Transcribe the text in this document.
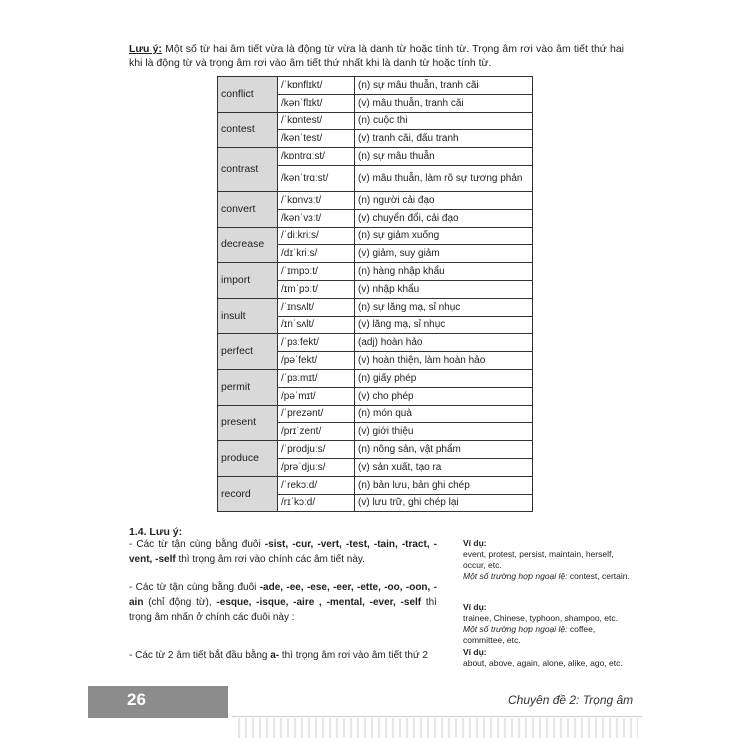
Lưu ý: Một số từ hai âm tiết vừa là động từ vừa là danh từ hoặc tính từ. Trọng âm rơi vào âm tiết thứ hai khi là động từ và trọng âm rơi vào âm tiết thứ nhất khi là danh từ hoặc tính từ.
conflict	/ˈkɒnflɪkt/	(n) sự mâu thuẫn, tranh cãi
	/kənˈflɪkt/	(v) mâu thuẫn, tranh cãi
contest	/ˈkɒntest/	(n) cuộc thi
	/kənˈtest/	(v) tranh cãi, đấu tranh
contrast	/kɒntrɑːst/	(n) sự mâu thuẫn
	/kənˈtrɑːst/	(v) mâu thuẫn, làm rõ sự tương phản
convert	/ˈkɒnvɜːt/	(n) người cải đạo
	/kənˈvɜːt/	(v) chuyển đổi, cải đạo
decrease	/ˈdiːkriːs/	(n) sự giảm xuống
	/dɪˈkriːs/	(v) giảm, suy giảm
import	/ˈɪmpɔːt/	(n) hàng nhập khẩu
	/ɪmˈpɔːt/	(v) nhập khẩu
insult	/ˈɪnsʌlt/	(n) sự lăng mạ, sỉ nhục
	/ɪnˈsʌlt/	(v) lăng mạ, sỉ nhục
perfect	/ˈpɜːfekt/	(adj) hoàn hảo
	/pəˈfekt/	(v) hoàn thiện, làm hoàn hảo
permit	/ˈpɜːmɪt/	(n) giấy phép
	/pəˈmɪt/	(v) cho phép
present	/ˈprezənt/	(n) món quà
	/prɪˈzent/	(v) giới thiệu
produce	/ˈprodjuːs/	(n) nông sản, vật phẩm
	/prəˈdjuːs/	(v) sản xuất, tạo ra
record	/ˈrekɔːd/	(n) bản lưu, bản ghi chép
	/rɪˈkɔːd/	(v) lưu trữ, ghi chép lại
1.4. Lưu ý:
- Các từ tận cùng bằng đuôi -sist, -cur, -vert, -test, -tain, -tract, -vent, -self thì trọng âm rơi vào chính các âm tiết này.
- Các từ tận cùng bằng đuôi -ade, -ee, -ese, -eer, -ette, -oo, -oon, -ain (chỉ động từ), -esque, -isque, -aire , -mental, -ever, -self thì trọng âm nhấn ở chính các đuôi này :
- Các từ 2 âm tiết bắt đầu bằng a- thì trọng âm rơi vào âm tiết thứ 2
Ví dụ:
event, protest, persist, maintain, herself, occur, etc.
Một số trường hợp ngoại lệ: contest, certain.
Ví dụ:
trainee, Chinese, typhoon, shampoo, etc.
Một số trường hợp ngoại lệ: coffee, committee, etc.
Ví dụ:
about, above, again, alone, alike, ago, etc.
26	Chuyên đề 2: Trọng âm
